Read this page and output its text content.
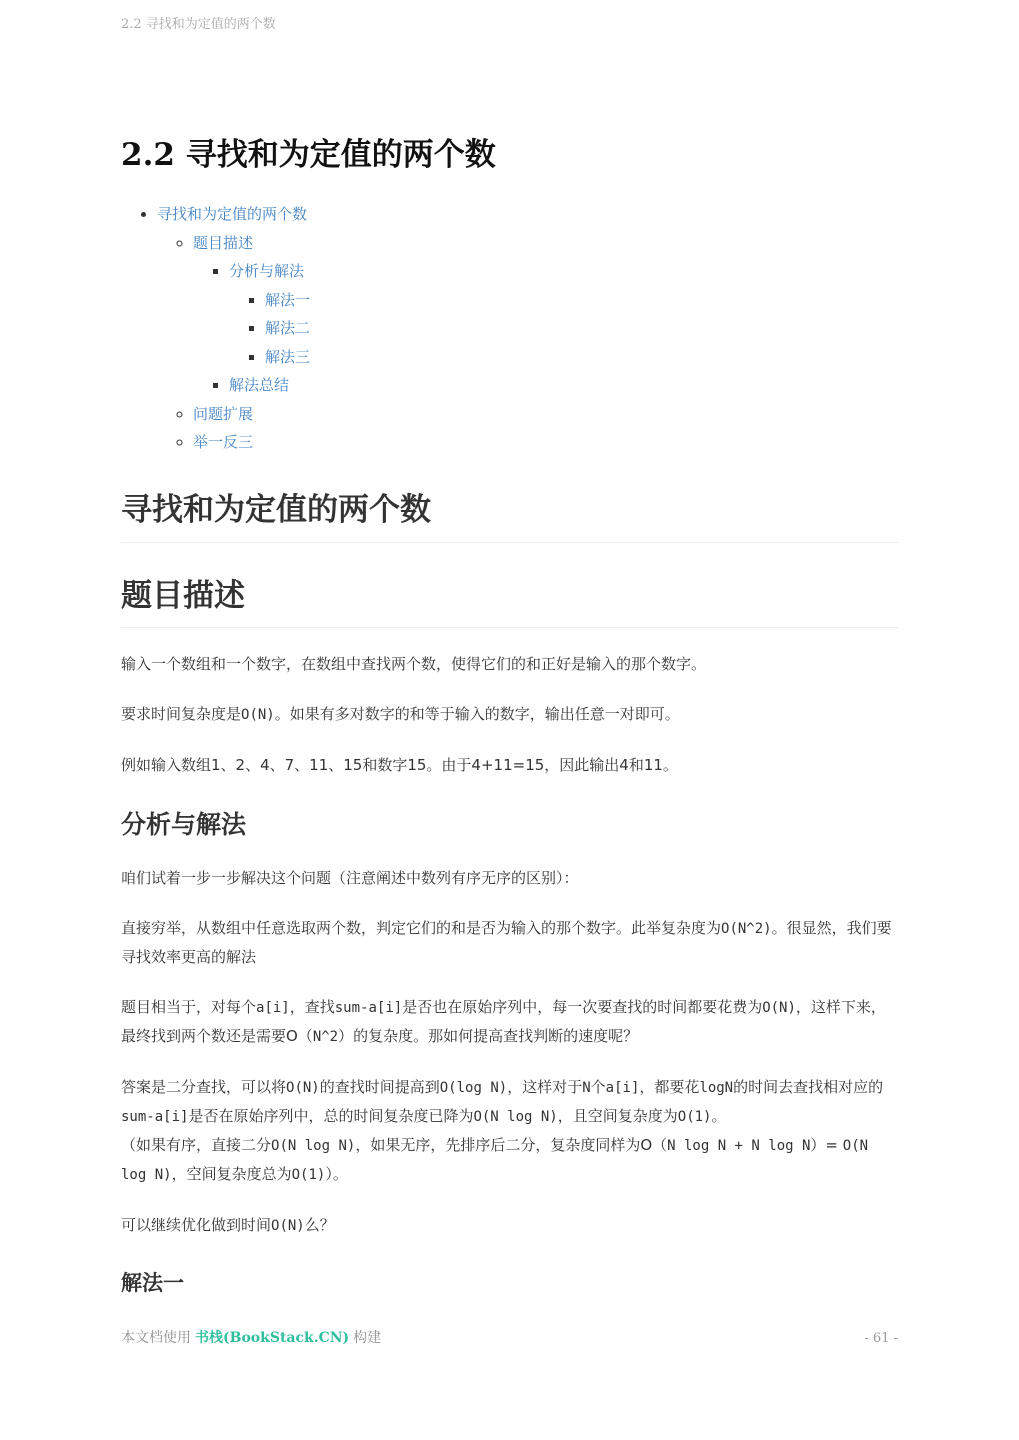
2.2 寻找和为定值的两个数
2.2 寻找和为定值的两个数
• 寻找和为定值的两个数
◦ 题目描述
▪ 分析与解法
▪ 解法一
▪ 解法二
▪ 解法三
▪ 解法总结
◦ 问题扩展
◦ 举一反三
寻找和为定值的两个数
题目描述

输入一个数组和一个数字，在数组中查找两个数，使得它们的和正好是输入的那个数字。

要求时间复杂度是O(N)。如果有多对数字的和等于输入的数字，输出任意一对即可。

例如输入数组1、2、4、7、11、15和数字15。由于4+11=15，因此输出4和11。

分析与解法

咱们试着一步一步解决这个问题（注意阐述中数列有序无序的区别）：

直接穷举，从数组中任意选取两个数，判定它们的和是否为输入的那个数字。此举复杂度为O(N^2)。很显然，我们要寻找效率更高的解法

题目相当于，对每个a[i]，查找sum-a[i]是否也在原始序列中，每一次要查找的时间都要花费为O(N)，这样下来，最终找到两个数还是需要O（N^2）的复杂度。那如何提高查找判断的速度呢？

答案是二分查找，可以将O(N)的查找时间提高到O(log N)，这样对于N个a[i]，都要花logN的时间去查找相对应的sum-a[i]是否在原始序列中，总的时间复杂度已降为O(N log N)，且空间复杂度为O(1)。
（如果有序，直接二分O(N log N)，如果无序，先排序后二分，复杂度同样为O（N log N + N log N）= O(N log N)，空间复杂度总为O(1)）。

可以继续优化做到时间O(N)么？

解法一
本文档使用 书栈(BookStack.CN) 构建	- 61 -
